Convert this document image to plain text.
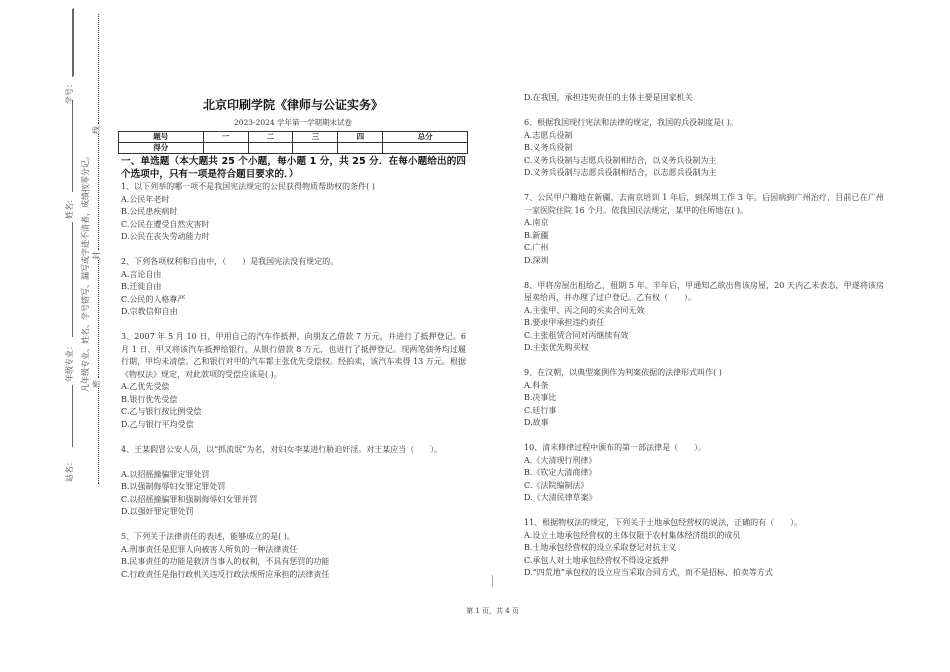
站名：
年级专业：
姓名：
学号：
凡年级专业、姓名、学号错写、漏写或字迹不清者，成绩按零分记。 密
封
线
北京印刷学院《律师与公证实务》
2023-2024 学年第一学期期末试卷
题号	一	二	三	四	总分
得分					

一、单选题（本大题共 25 个小题，每小题 1 分，共 25 分．在每小题给出的四个选项中，只有一项是符合题目要求的．）

1、以下列举的哪一项不是我国宪法规定的公民获得物质帮助权的条件( )

A.公民年老时

B.公民患疾病时

C.公民在遭受自然灾害时

D.公民在丧失劳动能力时

2、下列各项权利和自由中，（　　）是我国宪法没有规定的。

A.言论自由

B.迁徙自由

C.公民的人格尊严

D.宗教信仰自由

3、2007 年 5 月 10 日，甲用自己的汽车作抵押，向朋友乙借款 7 万元，并进行了抵押登记。6 月 1 日，甲又将该汽车抵押给银行，从银行借款 8 万元，也进行了抵押登记。现两笔债务均过履行期，甲均未清偿。乙和银行对甲的汽车都主张优先受偿权。经拍卖，该汽车卖得 13 万元。根据《物权法》规定，对此款项的受偿应该是( )。

A.乙优先受偿

B.银行优先受偿

C.乙与银行按比例受偿

D.乙与银行平均受偿

4、王某假冒公安人员，以“抓流氓”为名，对妇女李某进行胁迫奸淫。对王某应当（　　）。

A.以招摇撞骗罪定罪处罚

B.以强制侮辱妇女罪定罪处罚

C.以招摇撞骗罪和强制侮辱妇女罪并罚

D.以强奸罪定罪处罚

5、下列关于法律责任的表述，能够成立的是( )。

A.刑事责任是犯罪人向被害人所负的一种法律责任

B.民事责任的功能是救济当事人的权利，不具有惩罚的功能

C.行政责任是指行政机关违反行政法规所应承担的法律责任

D.在我国，承担违宪责任的主体主要是国家机关

6、根据我国现行宪法和法律的规定，我国的兵役制度是( )。

A.志愿兵役制

B.义务兵役制

C.义务兵役制与志愿兵役制相结合，以义务兵役制为主

D.义务兵役制与志愿兵役制相结合，以志愿兵役制为主

7、公民甲户籍地在新疆，去南京培训 1 年后，到深圳工作 3 年。后因病到广州治疗，目前已在广州一家医院住院 16 个月。依我国民法规定，某甲的住所地在( )。

A.南京

B.新疆

C.广州

D.深圳

8、甲将房屋出租给乙，租期 5 年。半年后，甲通知乙欲出售该房屋，20 天内乙未表态，甲遂将该房屋卖给丙，并办理了过户登记。乙有权（　　）。

A.主张甲、丙之间的买卖合同无效

B.要求甲承担违约责任

C.主张租赁合同对丙继续有效

D.主张优先购买权

9、在汉朝，以典型案例作为判案依据的法律形式叫作( )

A.科条

B.决事比

C.廷行事

D.故事

10、清末修律过程中颁布的第一部法律是（　　）。

A.《大清现行刑律》

B.《钦定大清商律》

C.《法院编制法》

D.《大清民律草案》

11、根据物权法的规定，下列关于土地承包经营权的说法，正确的有（　　）。

A.设立土地承包经营权的主体仅限于农村集体经济组织的成员

B.土地承包经营权的设立采取登记对抗主义

C.承包人对土地承包经营权不得设定抵押

D.“四荒地”承包权的设立应当采取合同方式，而不是招标、拍卖等方式

第 1 页，共 4 页
